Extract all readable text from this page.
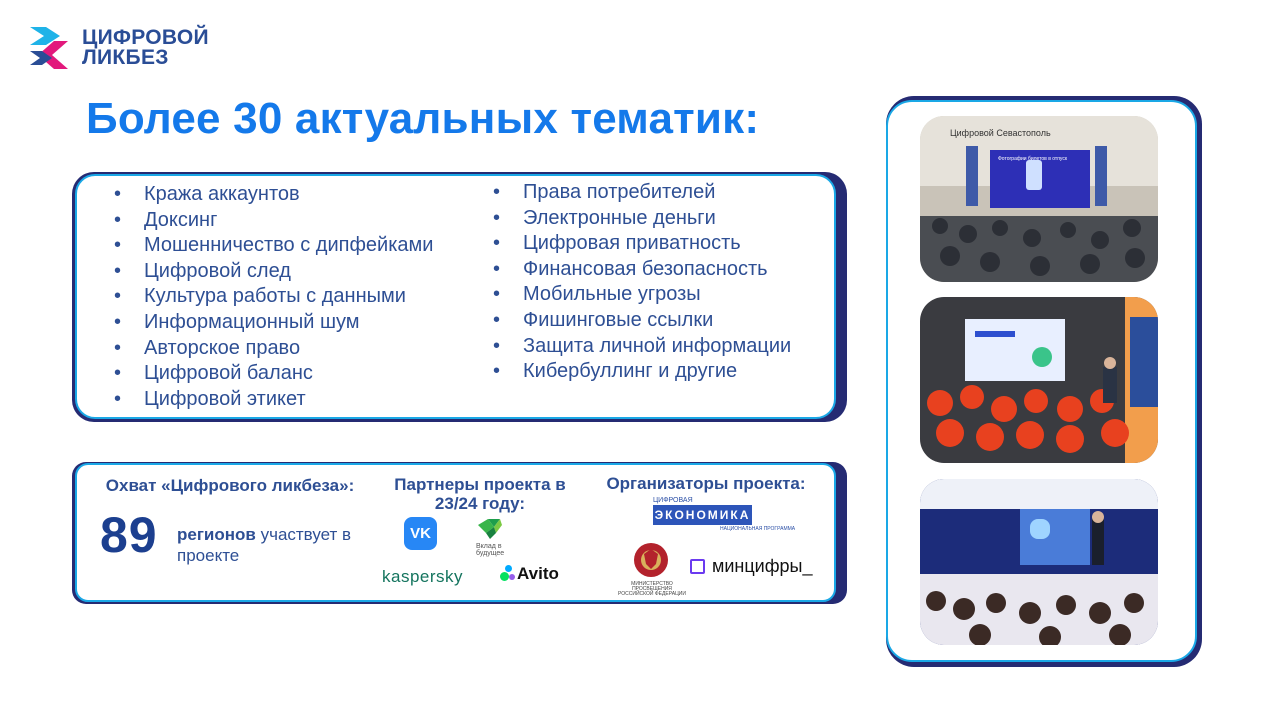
ЦИФРОВОЙ
ЛИКБЕЗ
Более 30 актуальных тематик:
• Кража аккаунтов
• Доксинг
• Мошенничество с дипфейками
• Цифровой след
• Культура работы с данными
• Информационный шум
• Авторское право
• Цифровой баланс
• Цифровой этикет
• Права потребителей
• Электронные деньги
• Цифровая приватность
• Финансовая безопасность
• Мобильные угрозы
• Фишинговые ссылки
• Защита личной информации
• Кибербуллинг и другие
Охват «Цифрового ликбеза»:
89 регионов участвует в проекте
Партнеры проекта в 23/24 году:
VK
Вклад в будущее
kaspersky	Avito
Организаторы проекта:
ЦИФРОВАЯ
ЭКОНОМИКА
НАЦИОНАЛЬНАЯ ПРОГРАММА
МИНИСТЕРСТВО ПРОСВЕЩЕНИЯ РОССИЙСКОЙ ФЕДЕРАЦИИ
минцифры_
Цифровой Севастополь
Фотографии билетов в отпуск
